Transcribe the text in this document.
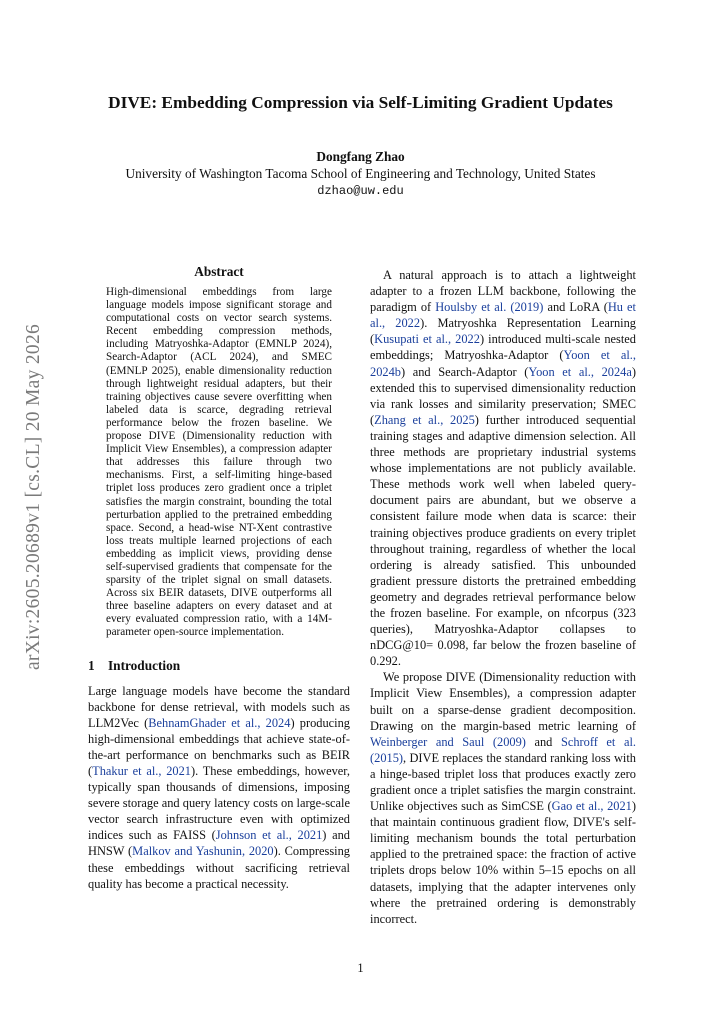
arXiv:2605.20689v1 [cs.CL] 20 May 2026
DIVE: Embedding Compression via Self-Limiting Gradient Updates
Dongfang Zhao
University of Washington Tacoma School of Engineering and Technology, United States
dzhao@uw.edu
Abstract

High-dimensional embeddings from large language models impose significant storage and computational costs on vector search systems. Recent embedding compression methods, including Matryoshka-Adaptor (EMNLP 2024), Search-Adaptor (ACL 2024), and SMEC (EMNLP 2025), enable dimensionality reduction through lightweight residual adapters, but their training objectives cause severe overfitting when labeled data is scarce, degrading retrieval performance below the frozen baseline. We propose DIVE (Dimensionality reduction with Implicit View Ensembles), a compression adapter that addresses this failure through two mechanisms. First, a self-limiting hinge-based triplet loss produces zero gradient once a triplet satisfies the margin constraint, bounding the total perturbation applied to the pretrained embedding space. Second, a head-wise NT-Xent contrastive loss treats multiple learned projections of each embedding as implicit views, providing dense self-supervised gradients that compensate for the sparsity of the triplet signal on small datasets. Across six BEIR datasets, DIVE outperforms all three baseline adapters on every dataset and at every evaluated compression ratio, with a 14M-parameter open-source implementation.

1 Introduction

Large language models have become the standard backbone for dense retrieval, with models such as LLM2Vec (BehnamGhader et al., 2024) producing high-dimensional embeddings that achieve state-of-the-art performance on benchmarks such as BEIR (Thakur et al., 2021). These embeddings, however, typically span thousands of dimensions, imposing severe storage and query latency costs on large-scale vector search infrastructure even with optimized indices such as FAISS (Johnson et al., 2021) and HNSW (Malkov and Yashunin, 2020). Compressing these embeddings without sacrificing retrieval quality has become a practical necessity.

A natural approach is to attach a lightweight adapter to a frozen LLM backbone, following the paradigm of Houlsby et al. (2019) and LoRA (Hu et al., 2022). Matryoshka Representation Learning (Kusupati et al., 2022) introduced multi-scale nested embeddings; Matryoshka-Adaptor (Yoon et al., 2024b) and Search-Adaptor (Yoon et al., 2024a) extended this to supervised dimensionality reduction via rank losses and similarity preservation; SMEC (Zhang et al., 2025) further introduced sequential training stages and adaptive dimension selection. All three methods are proprietary industrial systems whose implementations are not publicly available. These methods work well when labeled query-document pairs are abundant, but we observe a consistent failure mode when data is scarce: their training objectives produce gradients on every triplet throughout training, regardless of whether the local ordering is already satisfied. This unbounded gradient pressure distorts the pretrained embedding geometry and degrades retrieval performance below the frozen baseline. For example, on nfcorpus (323 queries), Matryoshka-Adaptor collapses to nDCG@10= 0.098, far below the frozen baseline of 0.292.

We propose DIVE (Dimensionality reduction with Implicit View Ensembles), a compression adapter built on a sparse-dense gradient decomposition. Drawing on the margin-based metric learning of Weinberger and Saul (2009) and Schroff et al. (2015), DIVE replaces the standard ranking loss with a hinge-based triplet loss that produces exactly zero gradient once a triplet satisfies the margin constraint. Unlike objectives such as SimCSE (Gao et al., 2021) that maintain continuous gradient flow, DIVE's self-limiting mechanism bounds the total perturbation applied to the pretrained space: the fraction of active triplets drops below 10% within 5–15 epochs on all datasets, implying that the adapter intervenes only where the pretrained ordering is demonstrably incorrect.

1
